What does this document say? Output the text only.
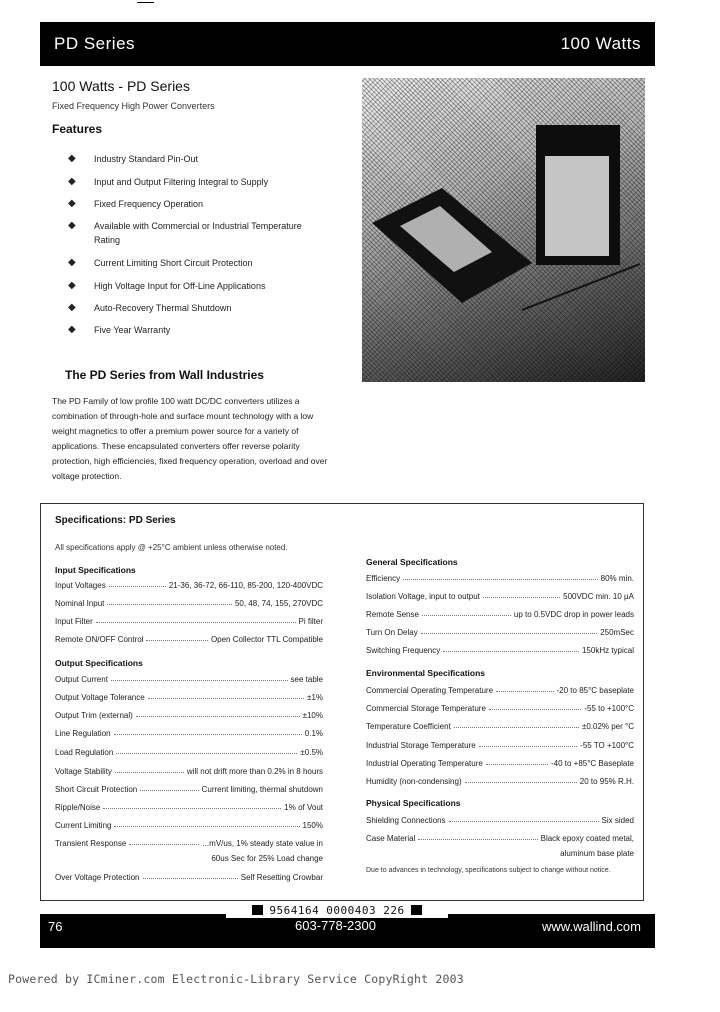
PD Series	100 Watts
100 Watts - PD Series
Fixed Frequency High Power Converters
Features
◆ Industry Standard Pin-Out
◆ Input and Output Filtering Integral to Supply
◆ Fixed Frequency Operation
◆ Available with Commercial or Industrial Temperature Rating
◆ Current Limiting Short Circuit Protection
◆ High Voltage Input for Off-Line Applications
◆ Auto-Recovery Thermal Shutdown
◆ Five Year Warranty
The PD Series from Wall Industries
The PD Family of low profile 100 watt DC/DC converters utilizes a combination of through-hole and surface mount technology with a low weight magnetics to offer a premium power source for a variety of applications. These encapsulated converters offer reverse polarity protection, high efficiencies, fixed frequency operation, overload and over voltage protection.
Specifications: PD Series
All specifications apply @ +25°C ambient unless otherwise noted.
Input Specifications
Input Voltages	21-36, 36-72, 66-110, 85-200, 120-400VDC
Nominal Input	50, 48, 74, 155, 270VDC
Input Filter	Pi filter
Remote ON/OFF Control	Open Collector TTL Compatible
Output Specifications
Output Current	see table
Output Voltage Tolerance	±1%
Output Trim (external)	±10%
Line Regulation	0.1%
Load Regulation	±0.5%
Voltage Stability	will not drift more than 0.2% in 8 hours
Short Circuit Protection	Current limiting, thermal shutdown
Ripple/Noise	1% of Vout
Current Limiting	150%
Transient Response	...mV/us, 1% steady state value in
60us Sec for 25% Load change
Over Voltage Protection	Self Resetting Crowbar
General Specifications
Efficiency	80% min.
Isolation Voltage, input to output	500VDC min. 10 µA
Remote Sense	up to 0.5VDC drop in power leads
Turn On Delay	250mSec
Switching Frequency	150kHz typical
Environmental Specifications
Commercial Operating Temperature	-20 to 85°C baseplate
Commercial Storage Temperature	-55 to +100°C
Temperature Coefficient	±0.02% per °C
Industrial Storage Temperature	-55 TO +100°C
Industrial Operating Temperature	-40 to +85°C Baseplate
Humidity (non-condensing)	20 to 95% R.H.
Physical Specifications
Shielding Connections	Six sided
Case Material	Black epoxy coated metal,
aluminum base plate
Due to advances in technology, specifications subject to change without notice.
76	603-778-2300	www.wallind.com
9564164 0000403 226
Powered by ICminer.com Electronic-Library Service CopyRight 2003
